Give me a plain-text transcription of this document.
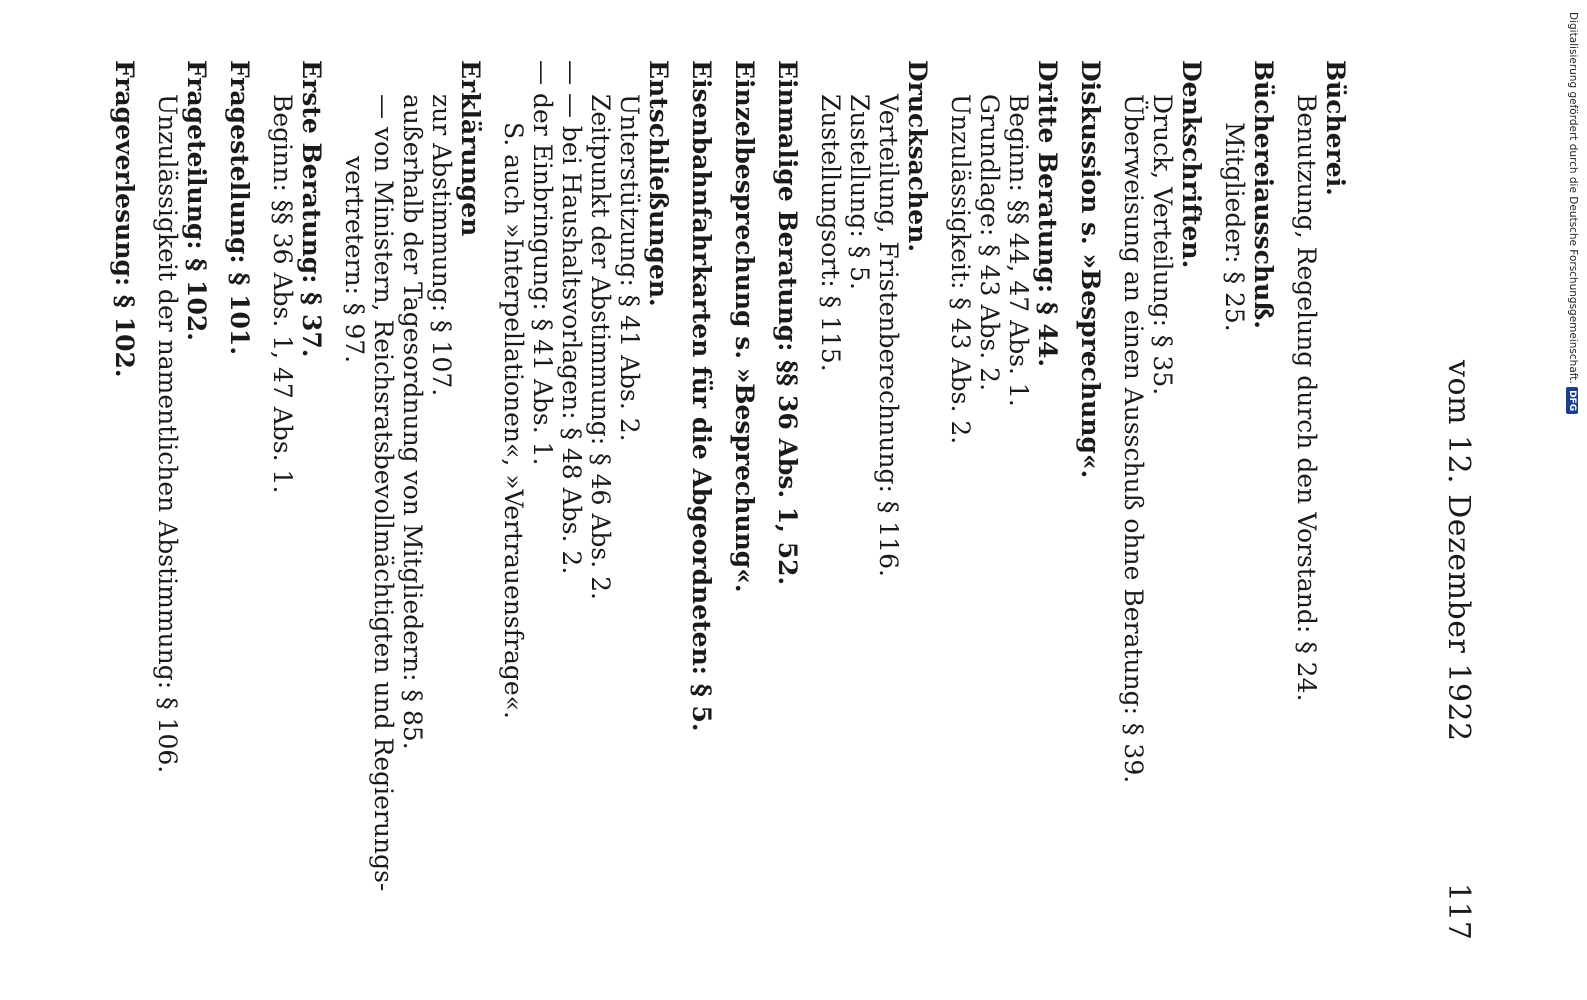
vom 12. Dezember 1922
117
Bücherei.
Benutzung, Regelung durch den Vorstand: § 24.
Büchereiausschuß.
Mitglieder: § 25.
Denkschriften.
Druck, Verteilung: § 35.
Überweisung an einen Ausschuß ohne Beratung: § 39.
Diskussion s. »Besprechung«.
Dritte Beratung: § 44.
Beginn: §§ 44, 47 Abs. 1.
Grundlage: § 43 Abs. 2.
Unzulässigkeit: § 43 Abs. 2.
Drucksachen.
Verteilung, Fristenberechnung: § 116.
Zustellung: § 5.
Zustellungsort: § 115.
Einmalige Beratung: §§ 36 Abs. 1, 52.
Einzelbesprechung s. »Besprechung«.
Eisenbahnfahrkarten für die Abgeordneten: § 5.
Entschließungen.
Unterstützung: § 41 Abs. 2.
Zeitpunkt der Abstimmung: § 46 Abs. 2.
— — bei Haushaltsvorlagen: § 48 Abs. 2.
— der Einbringung: § 41 Abs. 1.
S. auch »Interpellationen«, »Vertrauensfrage«.
Erklärungen
zur Abstimmung: § 107.
außerhalb der Tagesordnung von Mitgliedern: § 85.
— von Ministern, Reichsratsbevollmächtigten und Regierungs-
vertretern: § 97.
Erste Beratung: § 37.
Beginn: §§ 36 Abs. 1, 47 Abs. 1.
Fragestellung: § 101.
Frageteilung: § 102.
Unzulässigkeit der namentlichen Abstimmung: § 106.
Frageverlesung: § 102.	Digitalisierung gefördert durch die Deutsche Forschungsgemeinschaft. DFG
